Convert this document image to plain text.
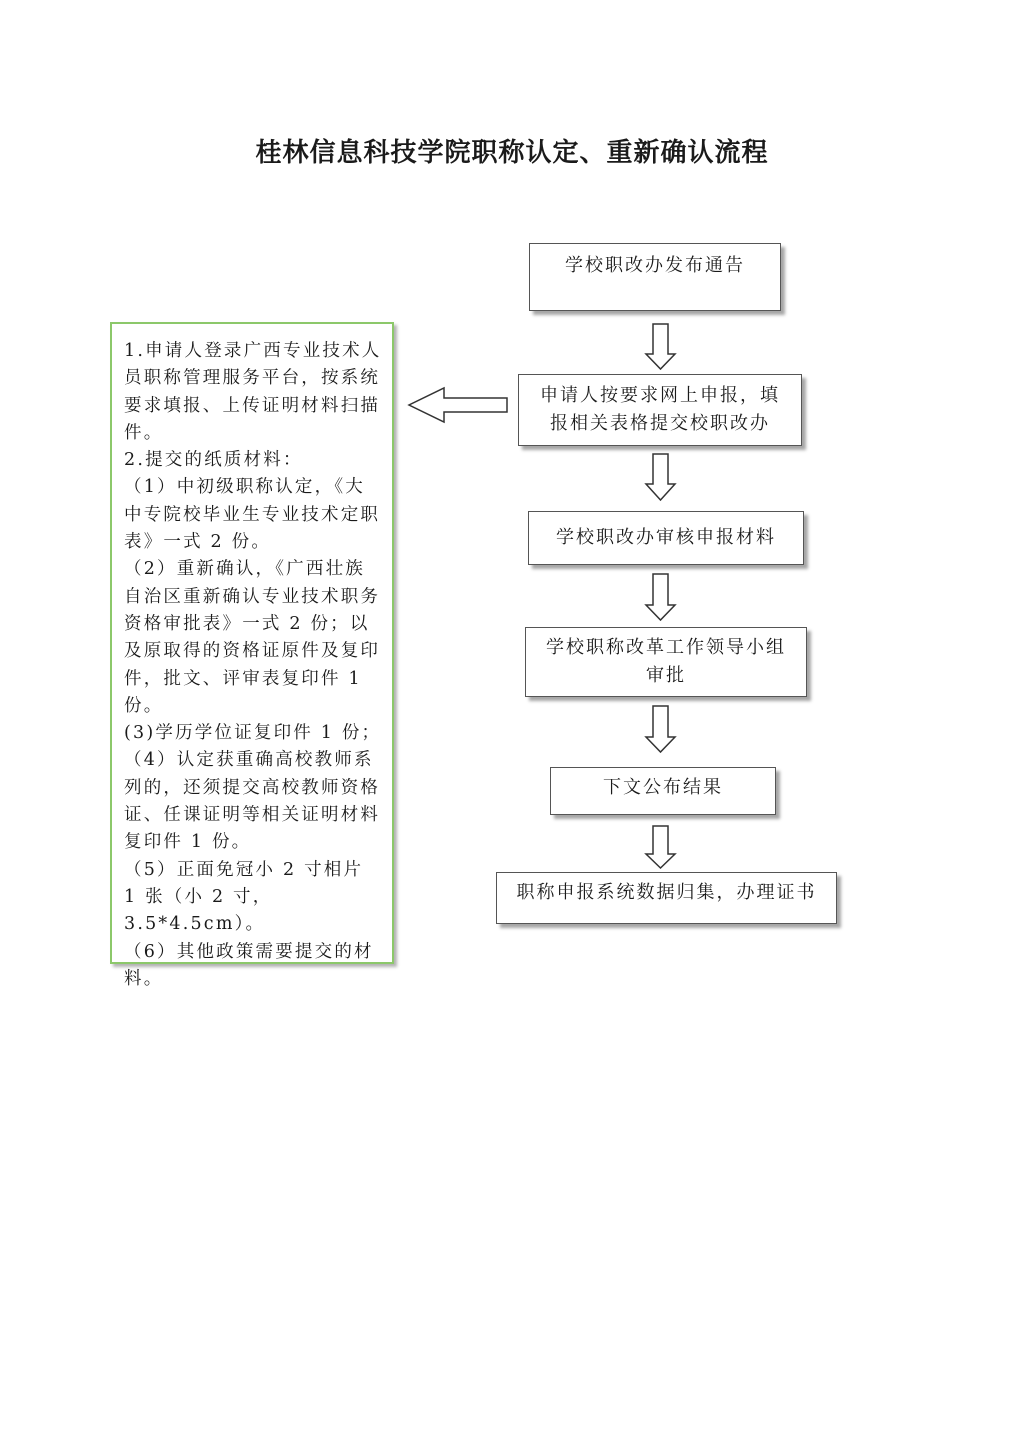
桂林信息科技学院职称认定、重新确认流程
学校职改办发布通告
申请人按要求网上申报，填
报相关表格提交校职改办
学校职改办审核申报材料
学校职称改革工作领导小组
审批
下文公布结果
职称申报系统数据归集，办理证书
1.申请人登录广西专业技术人员职称管理服务平台，按系统要求填报、上传证明材料扫描件。
2.提交的纸质材料：
（1）中初级职称认定，《大中专院校毕业生专业技术定职表》一式 2 份。
（2）重新确认，《广西壮族自治区重新确认专业技术职务资格审批表》一式 2 份；以及原取得的资格证原件及复印件，批文、评审表复印件 1 份。
(3)学历学位证复印件 1 份；
（4）认定获重确高校教师系列的，还须提交高校教师资格证、任课证明等相关证明材料复印件 1 份。
（5）正面免冠小 2 寸相片 1 张（小 2 寸，3.5*4.5cm）。
（6）其他政策需要提交的材料。
